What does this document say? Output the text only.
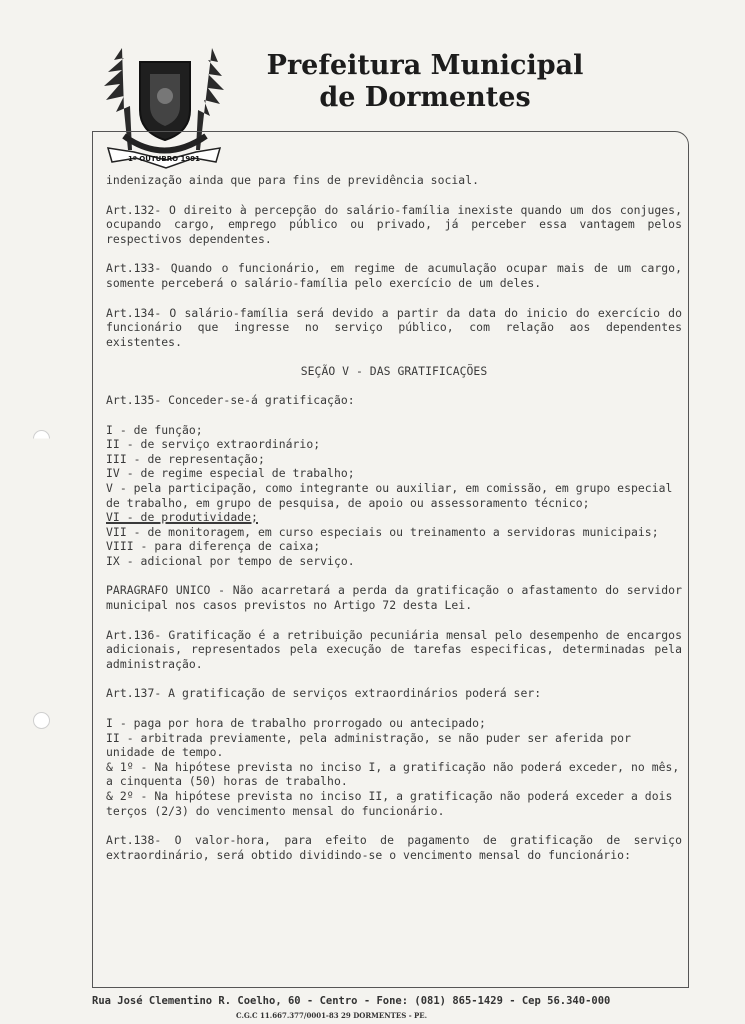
1º OUTUBRO 1991
Prefeitura Municipal
de Dormentes
indenização ainda que para fins de previdência social.
Art.132- O direito à percepção do salário-família inexiste quando um dos conjuges, ocupando cargo, emprego público ou privado, já perceber essa vantagem pelos respectivos dependentes.
Art.133- Quando o funcionário, em regime de acumulação ocupar mais de um cargo, somente perceberá o salário-família pelo exercício de um deles.
Art.134- O salário-família será devido a partir da data do inicio do exercício do funcionário que ingresse no serviço público, com relação aos dependentes existentes.
SEÇÃO V - DAS GRATIFICAÇÕES
Art.135- Conceder-se-á gratificação:
I - de função;
II - de serviço extraordinário;
III - de representação;
IV - de regime especial de trabalho;
V - pela participação, como integrante ou auxiliar, em comissão, em grupo especial de trabalho, em grupo de pesquisa, de apoio ou assessoramento técnico;
VI - de produtividade;
VII - de monitoragem, em curso especiais ou treinamento a servidoras municipais;
VIII - para diferença de caixa;
IX - adicional por tempo de serviço.
PARAGRAFO UNICO - Não acarretará a perda da gratificação o afastamento do servidor municipal nos casos previstos no Artigo 72 desta Lei.
Art.136- Gratificação é a retribuição pecuniária mensal pelo desempenho de encargos adicionais, representados pela execução de tarefas especificas, determinadas pela administração.
Art.137- A gratificação de serviços extraordinários poderá ser:
I - paga por hora de trabalho prorrogado ou antecipado;
II - arbitrada previamente, pela administração, se não puder ser aferida por unidade de tempo.
& 1º - Na hipótese prevista no inciso I, a gratificação não poderá exceder, no mês, a cinquenta (50) horas de trabalho.
& 2º - Na hipótese prevista no inciso II, a gratificação não poderá exceder a dois terços (2/3) do vencimento mensal do funcionário.
Art.138- O valor-hora, para efeito de pagamento de gratificação de serviço extraordinário, será obtido dividindo-se o vencimento mensal do funcionário:
Rua José Clementino R. Coelho, 60 - Centro - Fone: (081) 865-1429 - Cep 56.340-000
C.G.C 11.667.377/0001-83 29 DORMENTES - PE.
